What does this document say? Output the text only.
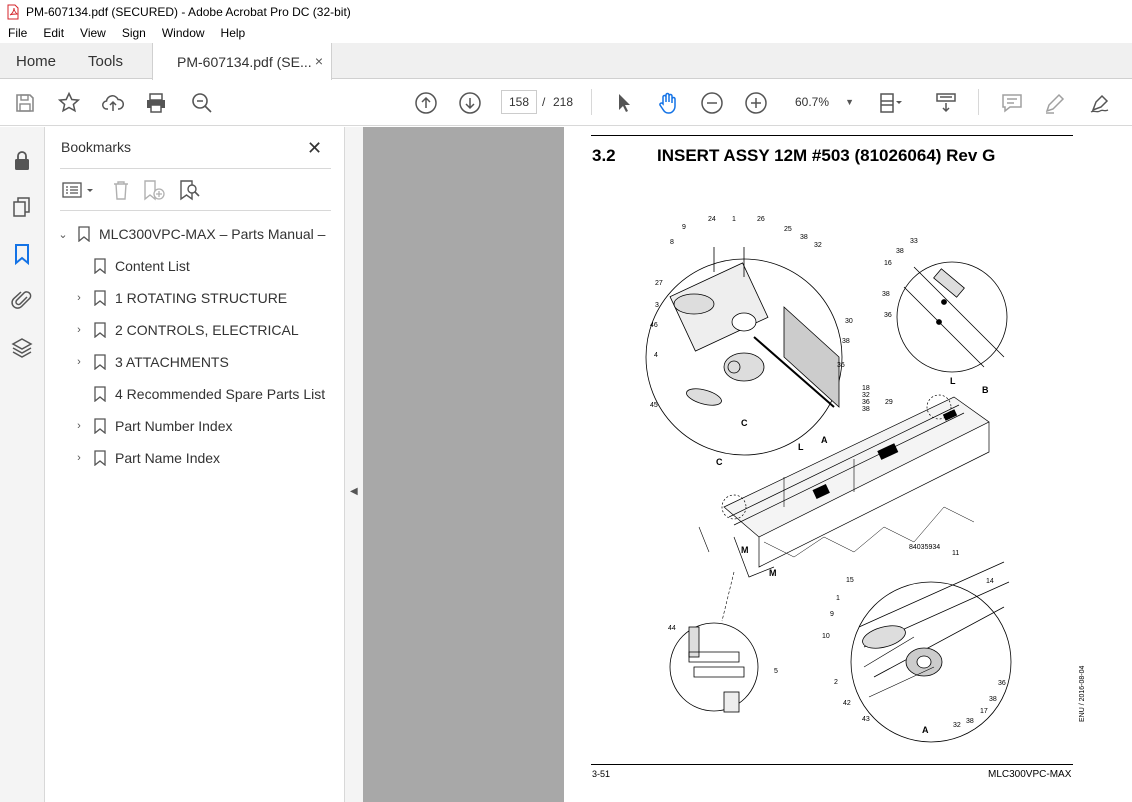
PM-607134.pdf (SECURED) - Adobe Acrobat Pro DC (32-bit)
File	Edit	View	Sign	Window	Help
Home Tools	PM-607134.pdf (SE... ×
158	/ 218	60.7% ▼
Bookmarks	✕
⌄ MLC300VPC-MAX – Parts Manual –
Content List
›	1 ROTATING STRUCTURE
›	2 CONTROLS, ELECTRICAL
›	3 ATTACHMENTS
4 Recommended Spare Parts List
›	Part Number Index
›	Part Name Index
◀
3.2 INSERT ASSY 12M #503 (81026064) Rev G
24 1	26
9	25
8
38
32
27
3
30
46
38
4
36
45
C
33
38
16
38
36
L
18
32
36
38
29
B
L
A
C
M
M
84035934
11
15	14
1
9
10
2
42
43
32
38
17
38
36
A
44
5	ENU / 2016-08-04
3-51	MLC300VPC-MAX
